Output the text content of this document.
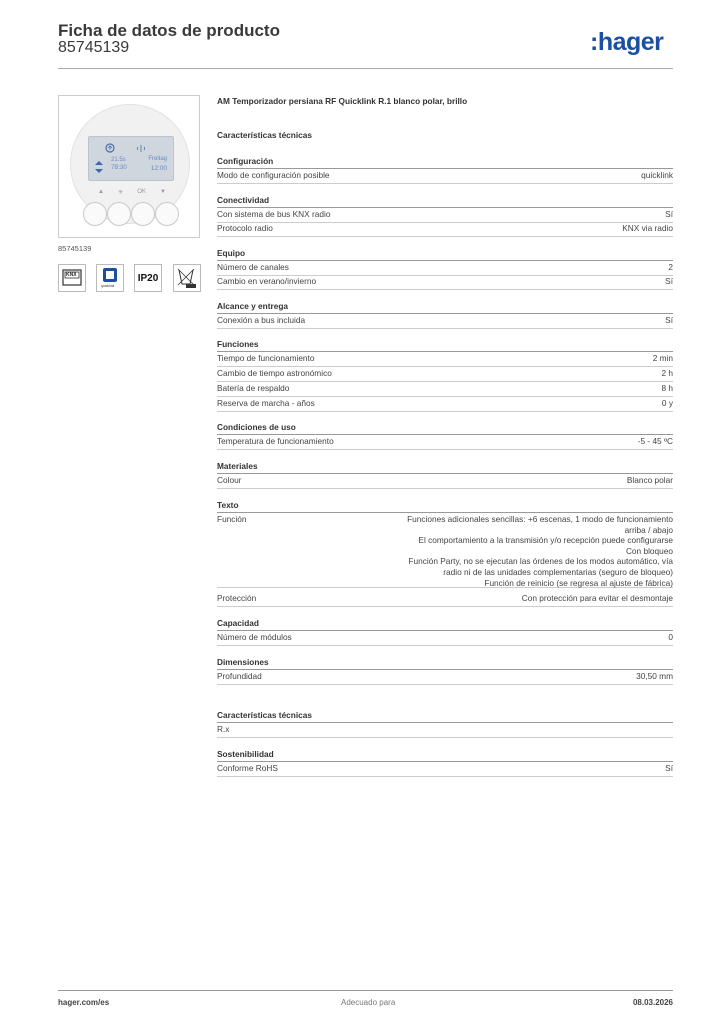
Ficha de datos de producto
85745139	:hager
21.5s
7B:30
Freitag
12:00
▲ ✳ OK ▼
85745139
KNX
quicklink
IP20
AM Temporizador persiana RF Quicklink R.1 blanco polar, brillo
Características técnicas
Configuración
Modo de configuración posible	quicklink
Conectividad
Con sistema de bus KNX radio	Sí
Protocolo radio	KNX via radio
Equipo
Número de canales	2
Cambio en verano/invierno	Sí
Alcance y entrega
Conexión a bus incluida	Sí
Funciones
Tiempo de funcionamiento	2 min
Cambio de tiempo astronómico	2 h
Batería de respaldo	8 h
Reserva de marcha - años	0 y
Condiciones de uso
Temperatura de funcionamiento	-5 - 45 ºC
Materiales
Colour	Blanco polar
Texto
Función	Funciones adicionales sencillas: +6 escenas, 1 modo de funcionamiento
arriba / abajo
El comportamiento a la transmisión y/o recepción puede configurarse
Con bloqueo
Función Party, no se ejecutan las órdenes de los modos automático, vía
radio ni de las unidades complementarias (seguro de bloqueo)
Función de reinicio (se regresa al ajuste de fábrica)
Protección	Con protección para evitar el desmontaje
Capacidad
Número de módulos	0
Dimensiones
Profundidad	30,50 mm
Características técnicas
R.x
Sostenibilidad
Conforme RoHS	Sí
hager.com/es	Adecuado para	08.03.2026
